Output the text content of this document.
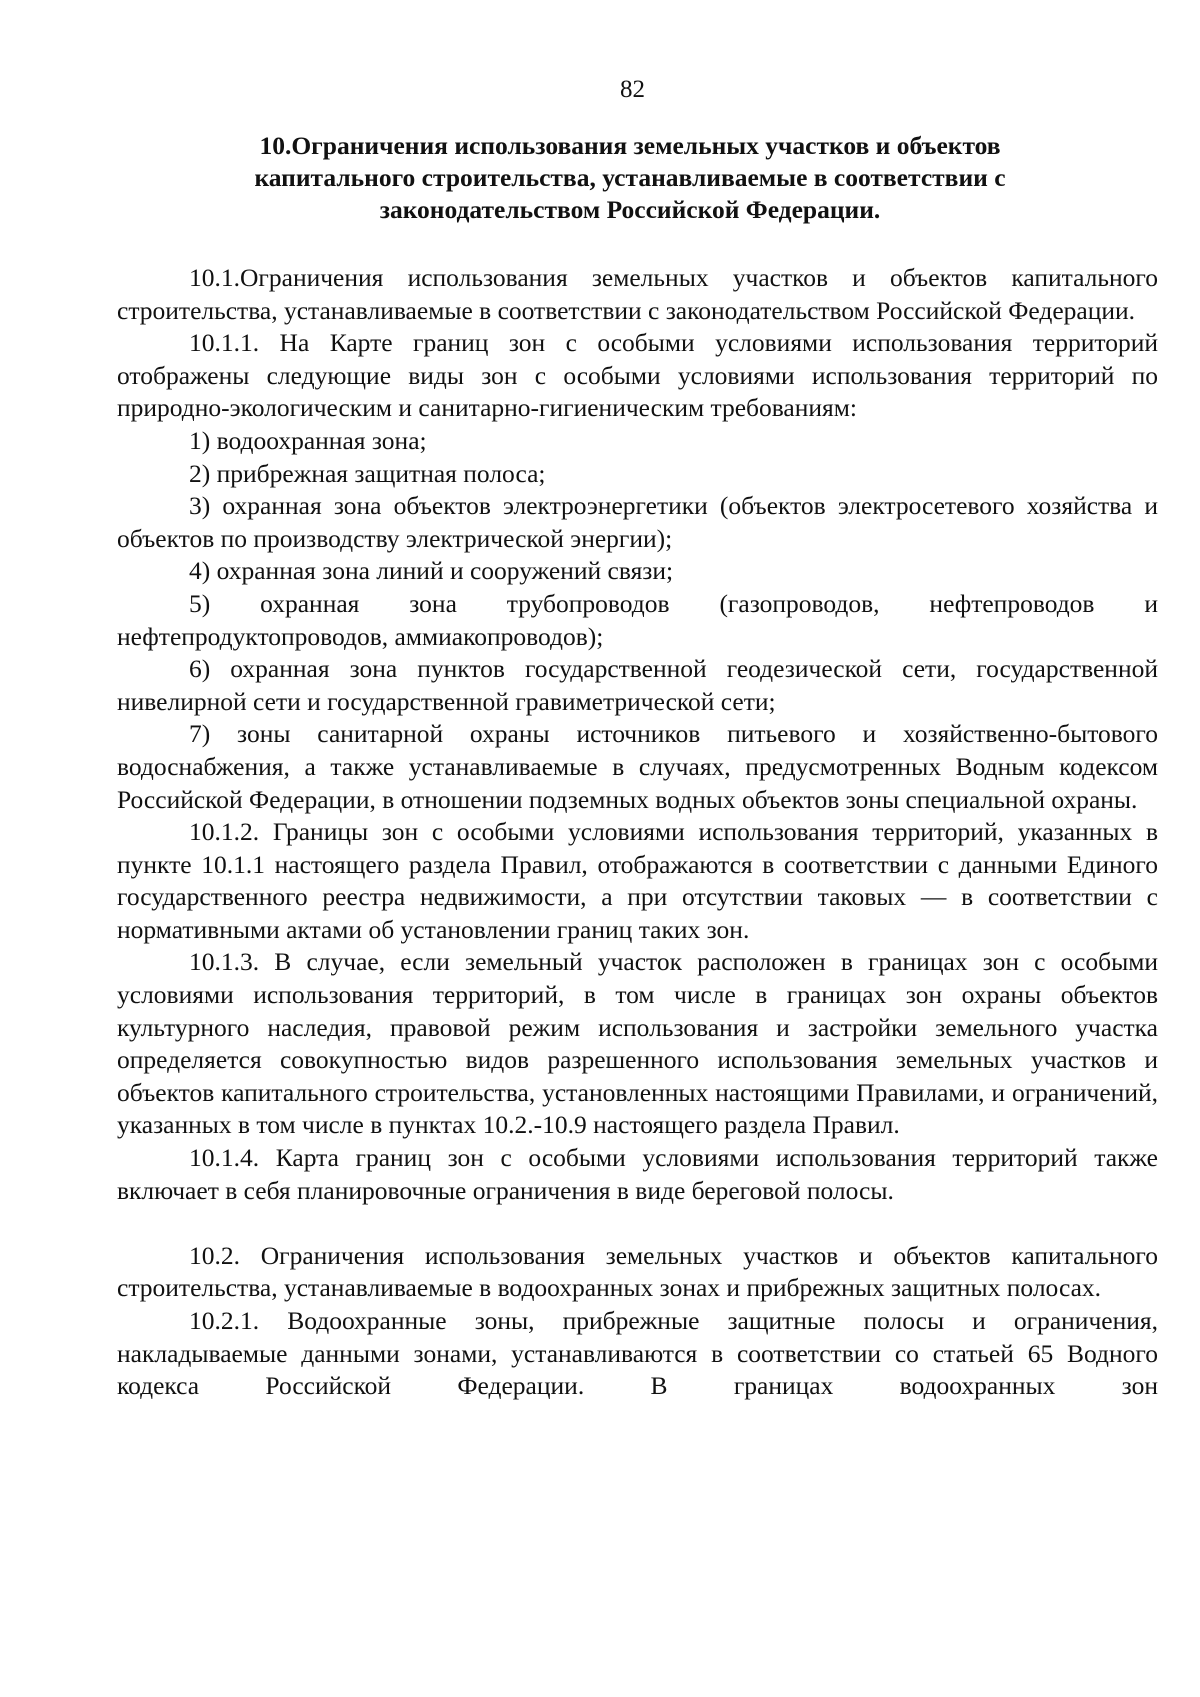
82
10.Ограничения использования земельных участков и объектов
капитального строительства, устанавливаемые в соответствии с
законодательством Российской Федерации.

10.1.Ограничения использования земельных участков и объектов капитального строительства, устанавливаемые в соответствии с законодательством Российской Федерации.

10.1.1. На Карте границ зон с особыми условиями использования территорий отображены следующие виды зон с особыми условиями использования территорий по природно-экологическим и санитарно-гигиеническим требованиям:

1) водоохранная зона;

2) прибрежная защитная полоса;

3) охранная зона объектов электроэнергетики (объектов электросетевого хозяйства и объектов по производству электрической энергии);

4) охранная зона линий и сооружений связи;

5) охранная зона трубопроводов (газопроводов, нефтепроводов и нефтепродуктопроводов, аммиакопроводов);

6) охранная зона пунктов государственной геодезической сети, государственной нивелирной сети и государственной гравиметрической сети;

7) зоны санитарной охраны источников питьевого и хозяйственно-бытового водоснабжения, а также устанавливаемые в случаях, предусмотренных Водным кодексом Российской Федерации, в отношении подземных водных объектов зоны специальной охраны.

10.1.2. Границы зон с особыми условиями использования территорий, указанных в пункте 10.1.1 настоящего раздела Правил, отображаются в соответствии с данными Единого государственного реестра недвижимости, а при отсутствии таковых — в соответствии с нормативными актами об установлении границ таких зон.

10.1.3. В случае, если земельный участок расположен в границах зон с особыми условиями использования территорий, в том числе в границах зон охраны объектов культурного наследия, правовой режим использования и застройки земельного участка определяется совокупностью видов разрешенного использования земельных участков и объектов капитального строительства, установленных настоящими Правилами, и ограничений, указанных в том числе в пунктах 10.2.-10.9 настоящего раздела Правил.

10.1.4. Карта границ зон с особыми условиями использования территорий также включает в себя планировочные ограничения в виде береговой полосы.

10.2. Ограничения использования земельных участков и объектов капитального строительства, устанавливаемые в водоохранных зонах и прибрежных защитных полосах.

10.2.1. Водоохранные зоны, прибрежные защитные полосы и ограничения, накладываемые данными зонами, устанавливаются в соответствии со статьей 65 Водного кодекса Российской Федерации. В границах водоохранных зон
